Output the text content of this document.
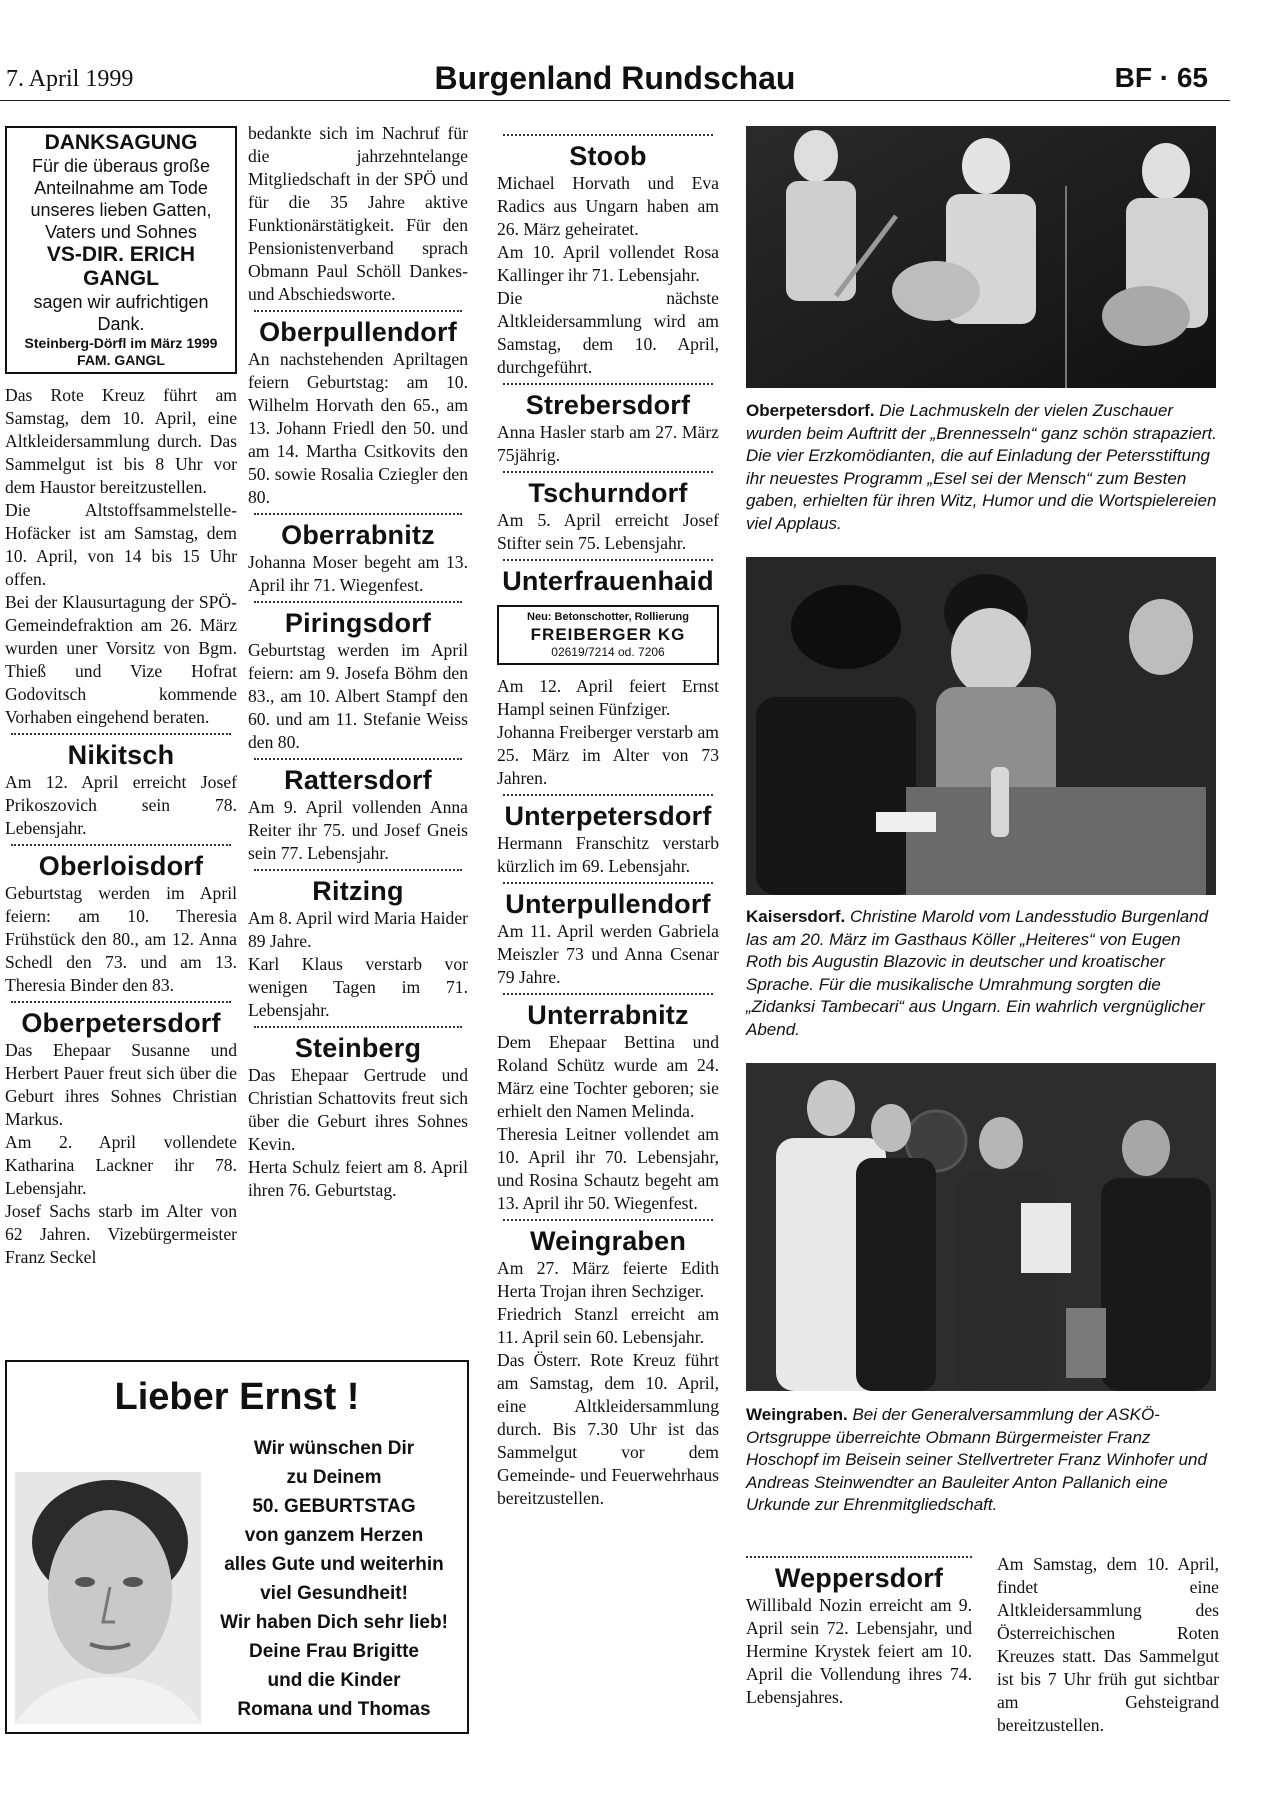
7. April 1999	Burgenland Rundschau	BF · 65
DANKSAGUNG
Für die überaus große Anteilnahme am Tode unseres lieben Gatten, Vaters und Sohnes
VS-DIR. ERICH GANGL
sagen wir aufrichtigen Dank.
Steinberg-Dörfl im März 1999
FAM. GANGL

Das Rote Kreuz führt am Samstag, dem 10. April, eine Altkleidersammlung durch. Das Sammelgut ist bis 8 Uhr vor dem Haustor bereitzustellen.

Die Altstoffsammelstelle-Hofäcker ist am Samstag, dem 10. April, von 14 bis 15 Uhr offen.

Bei der Klausurtagung der SPÖ-Gemeindefraktion am 26. März wurden uner Vorsitz von Bgm. Thieß und Vize Hofrat Godovitsch kommende Vorhaben eingehend beraten.

Nikitsch

Am 12. April erreicht Josef Prikoszovich sein 78. Lebensjahr.

Oberloisdorf

Geburtstag werden im April feiern: am 10. Theresia Frühstück den 80., am 12. Anna Schedl den 73. und am 13. Theresia Binder den 83.

Oberpetersdorf

Das Ehepaar Susanne und Herbert Pauer freut sich über die Geburt ihres Sohnes Christian Markus.

Am 2. April vollendete Katharina Lackner ihr 78. Lebensjahr.

Josef Sachs starb im Alter von 62 Jahren. Vizebürgermeister Franz Seckel

bedankte sich im Nachruf für die jahrzehntelange Mitgliedschaft in der SPÖ und für die 35 Jahre aktive Funktionärstätigkeit. Für den Pensionistenverband sprach Obmann Paul Schöll Dankes- und Abschiedsworte.

Oberpullendorf

An nachstehenden Apriltagen feiern Geburtstag: am 10. Wilhelm Horvath den 65., am 13. Johann Friedl den 50. und am 14. Martha Csitkovits den 50. sowie Rosalia Cziegler den 80.

Oberrabnitz

Johanna Moser begeht am 13. April ihr 71. Wiegenfest.

Piringsdorf

Geburtstag werden im April feiern: am 9. Josefa Böhm den 83., am 10. Albert Stampf den 60. und am 11. Stefanie Weiss den 80.

Rattersdorf

Am 9. April vollenden Anna Reiter ihr 75. und Josef Gneis sein 77. Lebensjahr.

Ritzing

Am 8. April wird Maria Haider 89 Jahre.

Karl Klaus verstarb vor wenigen Tagen im 71. Lebensjahr.

Steinberg

Das Ehepaar Gertrude und Christian Schattovits freut sich über die Geburt ihres Sohnes Kevin.

Herta Schulz feiert am 8. April ihren 76. Geburtstag.

Stoob

Michael Horvath und Eva Radics aus Ungarn haben am 26. März geheiratet.

Am 10. April vollendet Rosa Kallinger ihr 71. Lebensjahr.

Die nächste Altkleidersammlung wird am Samstag, dem 10. April, durchgeführt.

Strebersdorf

Anna Hasler starb am 27. März 75jährig.

Tschurndorf

Am 5. April erreicht Josef Stifter sein 75. Lebensjahr.

Unterfrauenhaid
Neu: Betonschotter, Rollierung
FREIBERGER KG
02619/7214 od. 7206

Am 12. April feiert Ernst Hampl seinen Fünfziger.

Johanna Freiberger verstarb am 25. März im Alter von 73 Jahren.

Unterpetersdorf

Hermann Franschitz verstarb kürzlich im 69. Lebensjahr.

Unterpullendorf

Am 11. April werden Gabriela Meiszler 73 und Anna Csenar 79 Jahre.

Unterrabnitz

Dem Ehepaar Bettina und Roland Schütz wurde am 24. März eine Tochter geboren; sie erhielt den Namen Melinda.

Theresia Leitner vollendet am 10. April ihr 70. Lebensjahr, und Rosina Schautz begeht am 13. April ihr 50. Wiegenfest.

Weingraben

Am 27. März feierte Edith Herta Trojan ihren Sechziger.

Friedrich Stanzl erreicht am 11. April sein 60. Lebensjahr.

Das Österr. Rote Kreuz führt am Samstag, dem 10. April, eine Altkleidersammlung durch. Bis 7.30 Uhr ist das Sammelgut vor dem Gemeinde- und Feuerwehrhaus bereitzustellen.

Lieber Ernst !
Wir wünschen Dir
zu Deinem
50. GEBURTSTAG
von ganzem Herzen
alles Gute und weiterhin
viel Gesundheit!
Wir haben Dich sehr lieb!
Deine Frau Brigitte
und die Kinder
Romana und Thomas

Oberpetersdorf. Die Lachmuskeln der vielen Zuschauer wurden beim Auftritt der „Brennesseln“ ganz schön strapaziert. Die vier Erzkomödianten, die auf Einladung der Petersstiftung ihr neuestes Programm „Esel sei der Mensch“ zum Besten gaben, erhielten für ihren Witz, Humor und die Wortspielereien viel Applaus.

Kaisersdorf. Christine Marold vom Landesstudio Burgenland las am 20. März im Gasthaus Köller „Heiteres“ von Eugen Roth bis Augustin Blazovic in deutscher und kroatischer Sprache. Für die musikalische Umrahmung sorgten die „Zidanksi Tambecari“ aus Ungarn. Ein wahrlich vergnüglicher Abend.

Weingraben. Bei der Generalversammlung der ASKÖ-Ortsgruppe überreichte Obmann Bürgermeister Franz Hoschopf im Beisein seiner Stellvertreter Franz Winhofer und Andreas Steinwendter an Bauleiter Anton Pallanich eine Urkunde zur Ehrenmitgliedschaft.

Weppersdorf

Willibald Nozin erreicht am 9. April sein 72. Lebensjahr, und Hermine Krystek feiert am 10. April die Vollendung ihres 74. Lebensjahres.

Am Samstag, dem 10. April, findet eine Altkleidersammlung des Österreichischen Roten Kreuzes statt. Das Sammelgut ist bis 7 Uhr früh gut sichtbar am Gehsteigrand bereitzustellen.
